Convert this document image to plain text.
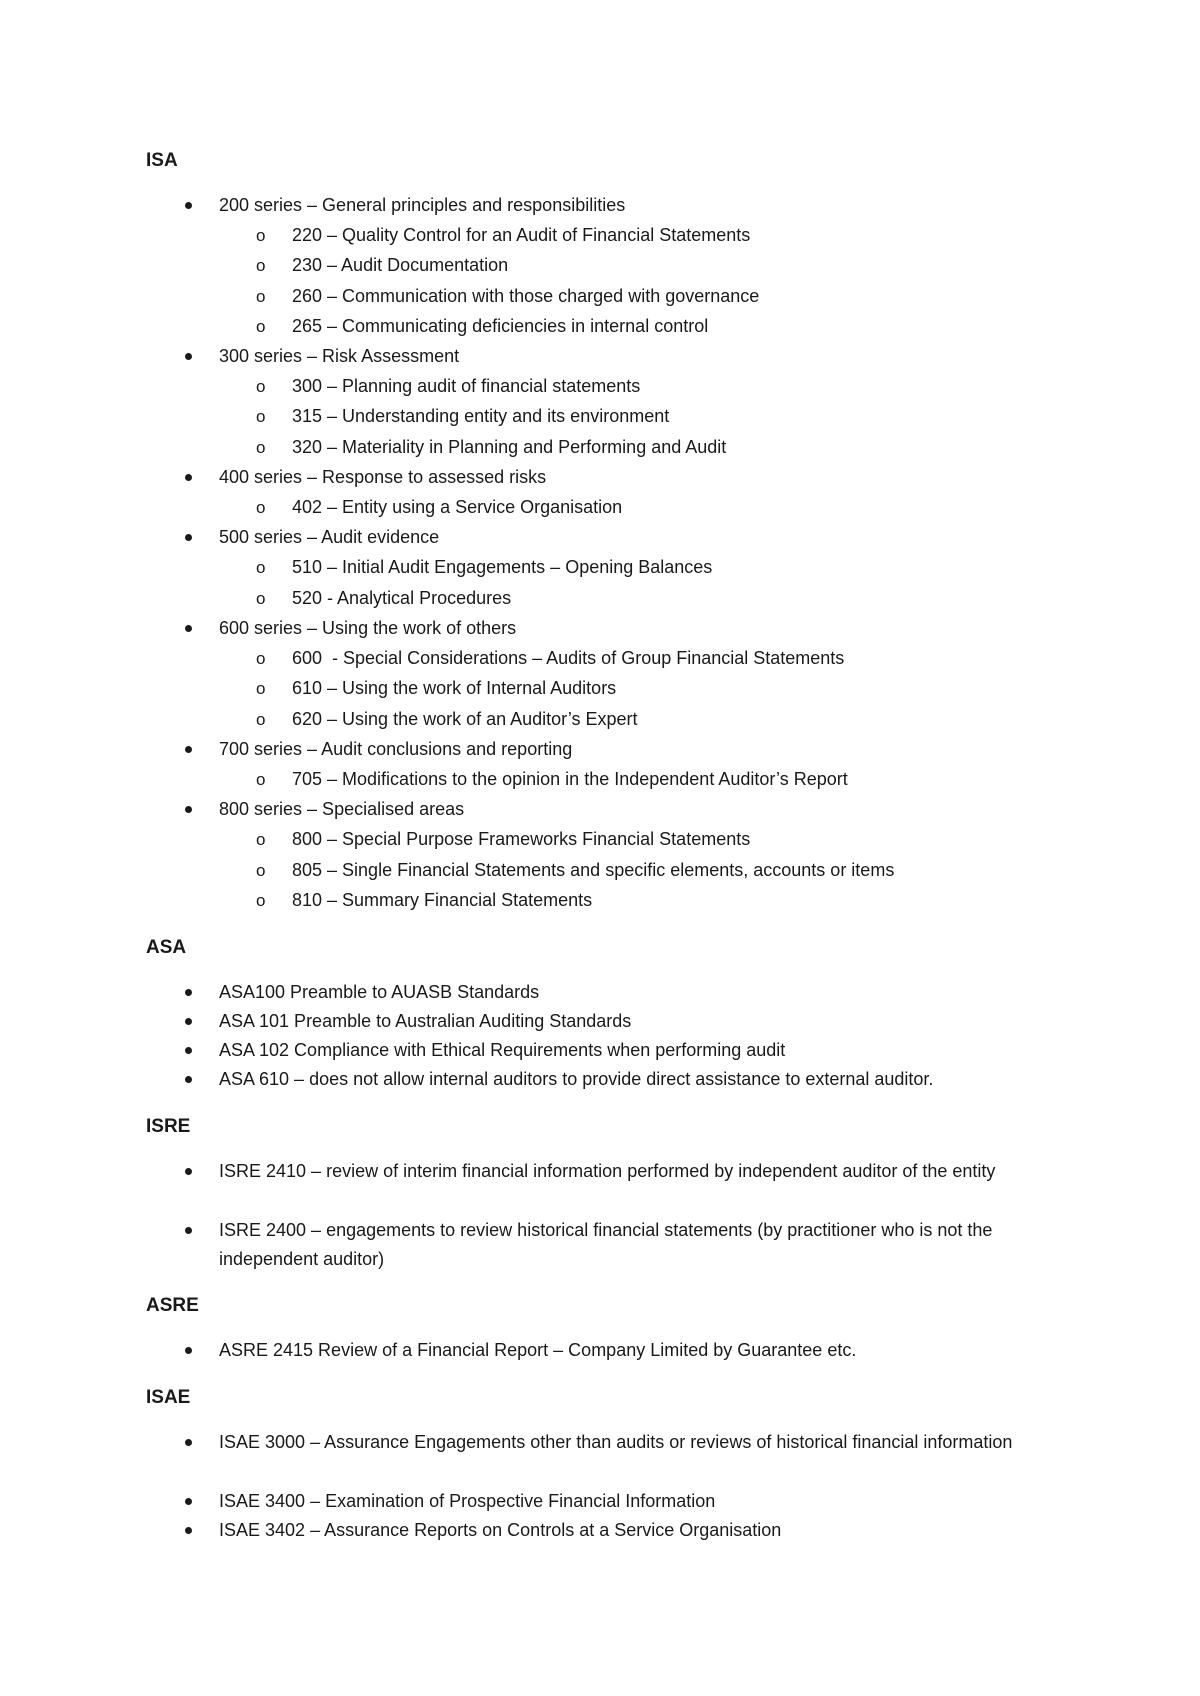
ISA
200 series – General principles and responsibilities
o 220 – Quality Control for an Audit of Financial Statements
o 230 – Audit Documentation
o 260 – Communication with those charged with governance
o 265 – Communicating deficiencies in internal control
300 series – Risk Assessment
o 300 – Planning audit of financial statements
o 315 – Understanding entity and its environment
o 320 – Materiality in Planning and Performing and Audit
400 series – Response to assessed risks
o 402 – Entity using a Service Organisation
500 series – Audit evidence
o 510 – Initial Audit Engagements – Opening Balances
o 520 - Analytical Procedures
600 series – Using the work of others
o 600  - Special Considerations – Audits of Group Financial Statements
o 610 – Using the work of Internal Auditors
o 620 – Using the work of an Auditor’s Expert
700 series – Audit conclusions and reporting
o 705 – Modifications to the opinion in the Independent Auditor’s Report
800 series – Specialised areas
o 800 – Special Purpose Frameworks Financial Statements
o 805 – Single Financial Statements and specific elements, accounts or items
o 810 – Summary Financial Statements
ASA
ASA100 Preamble to AUASB Standards
ASA 101 Preamble to Australian Auditing Standards
ASA 102 Compliance with Ethical Requirements when performing audit
ASA 610 – does not allow internal auditors to provide direct assistance to external auditor.
ISRE
ISRE 2410 – review of interim financial information performed by independent auditor of the entity
ISRE 2400 – engagements to review historical financial statements (by practitioner who is not the independent auditor)
ASRE
ASRE 2415 Review of a Financial Report – Company Limited by Guarantee etc.
ISAE
ISAE 3000 – Assurance Engagements other than audits or reviews of historical financial information
ISAE 3400 – Examination of Prospective Financial Information
ISAE 3402 – Assurance Reports on Controls at a Service Organisation
